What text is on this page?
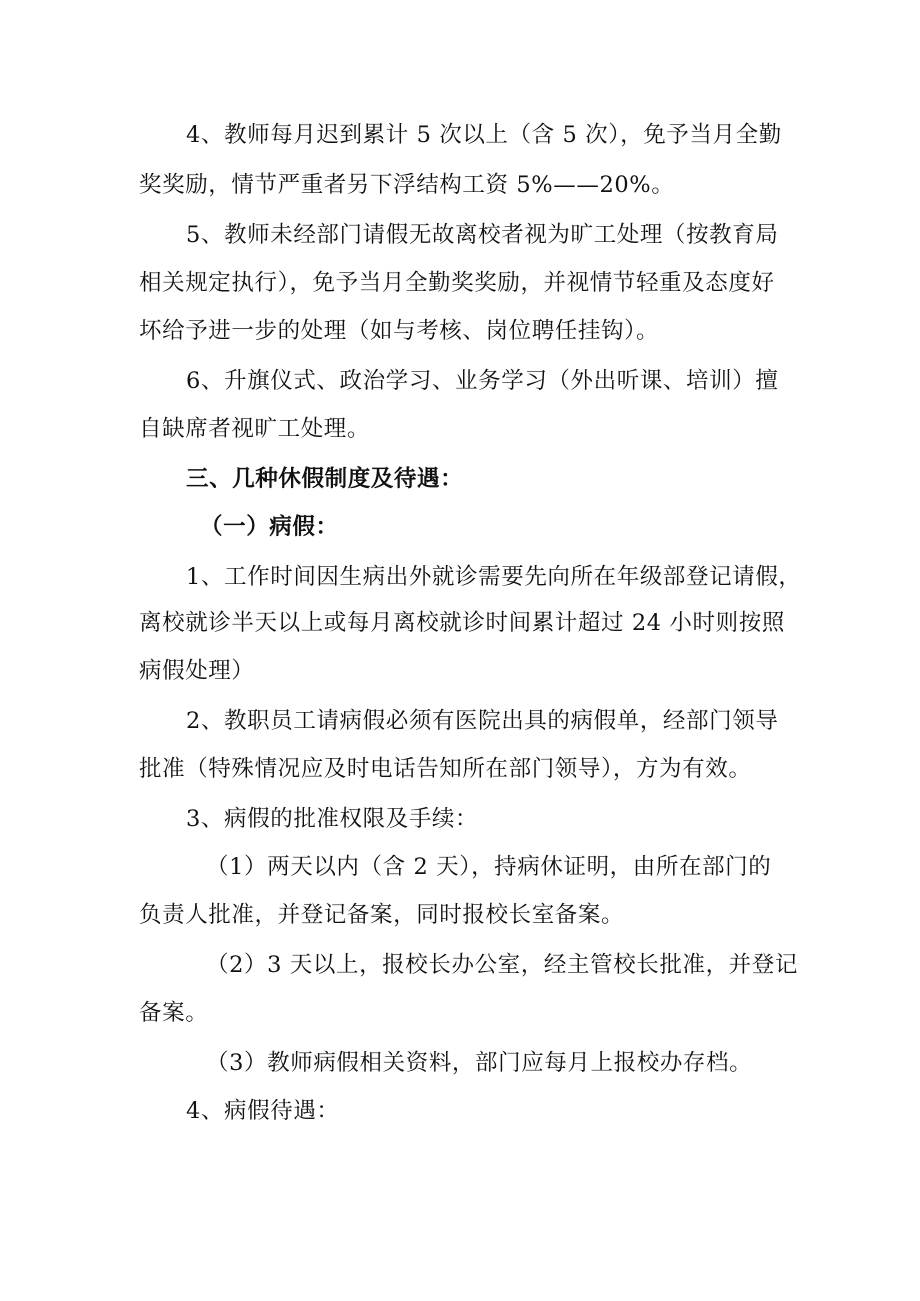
4、教师每月迟到累计 5 次以上（含 5 次），免予当月全勤
奖奖励，情节严重者另下浮结构工资 5%——20%。
5、教师未经部门请假无故离校者视为旷工处理（按教育局
相关规定执行），免予当月全勤奖奖励，并视情节轻重及态度好
坏给予进一步的处理（如与考核、岗位聘任挂钩）。
6、升旗仪式、政治学习、业务学习（外出听课、培训）擅
自缺席者视旷工处理。
三、几种休假制度及待遇：
（一）病假：
1、工作时间因生病出外就诊需要先向所在年级部登记请假，
离校就诊半天以上或每月离校就诊时间累计超过 24 小时则按照
病假处理）
2、教职员工请病假必须有医院出具的病假单，经部门领导
批准（特殊情况应及时电话告知所在部门领导），方为有效。
3、病假的批准权限及手续：
（1）两天以内（含 2 天），持病休证明，由所在部门的
负责人批准，并登记备案，同时报校长室备案。
（2）3 天以上，报校长办公室，经主管校长批准，并登记
备案。
（3）教师病假相关资料，部门应每月上报校办存档。
4、病假待遇：
